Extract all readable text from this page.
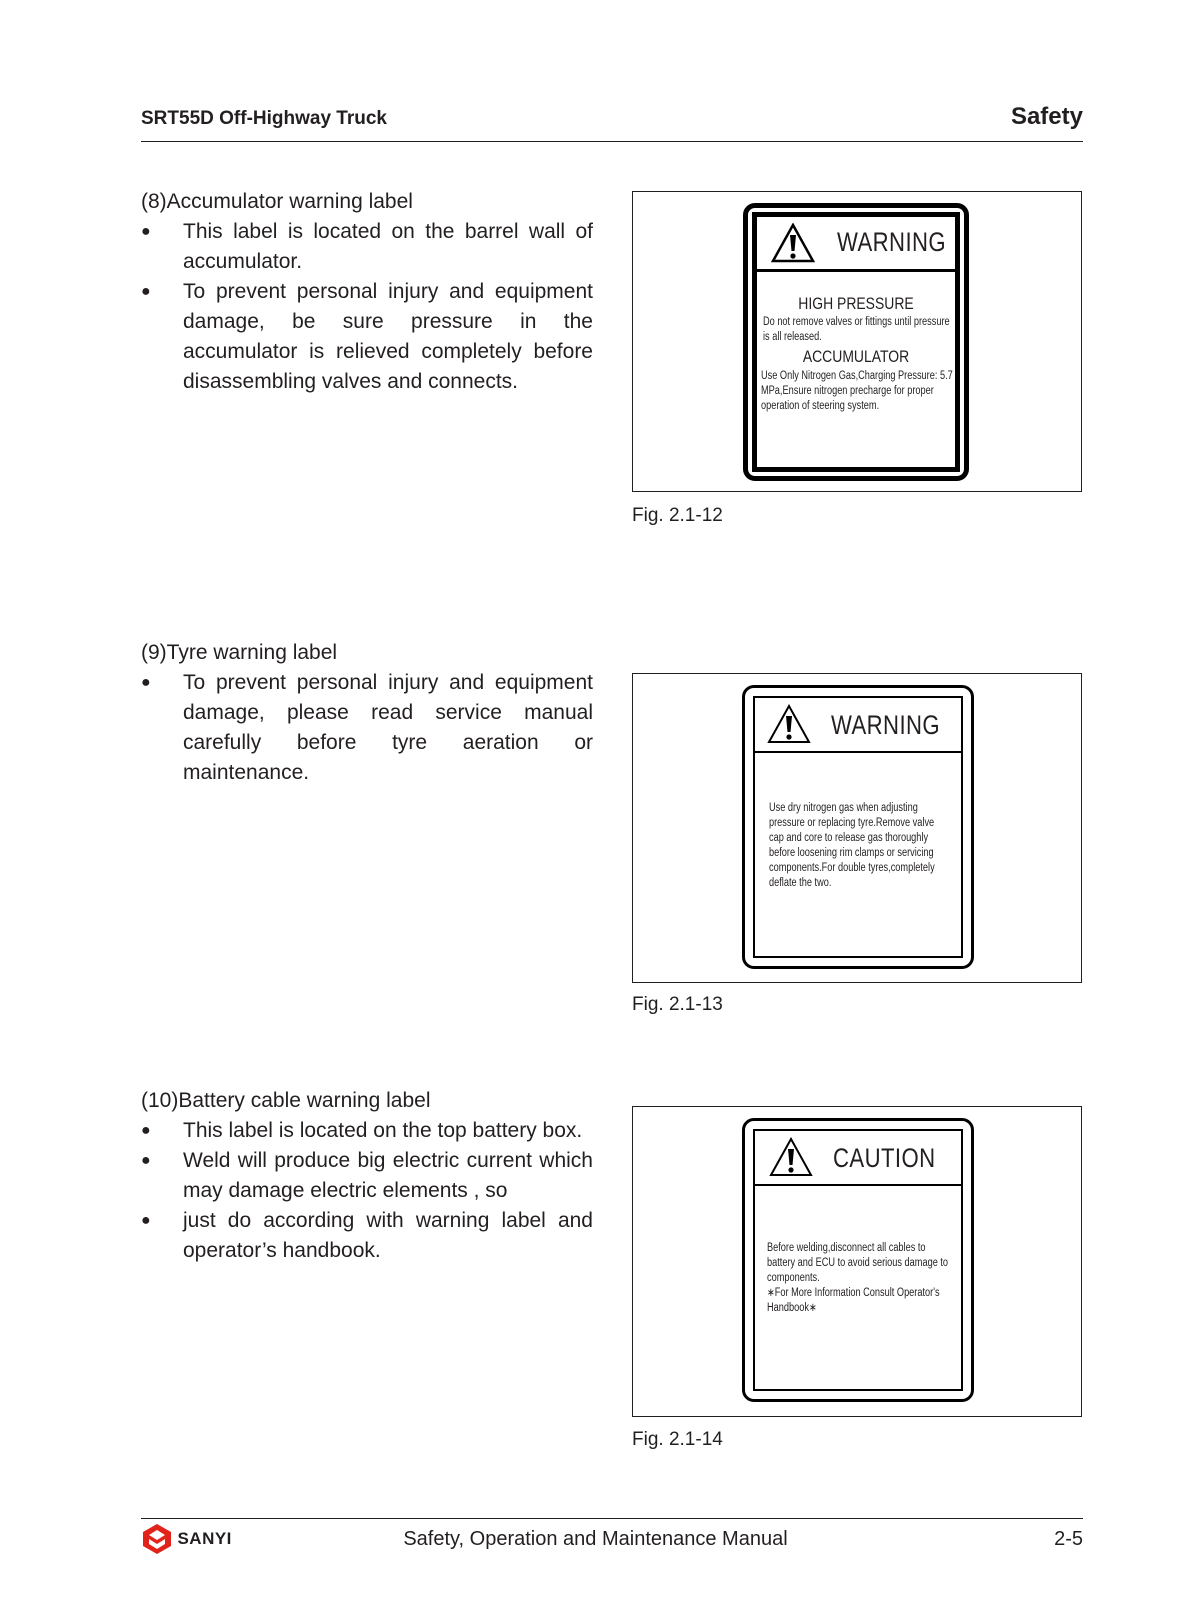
SRT55D Off-Highway Truck	Safety
(8)Accumulator warning label
● This label is located on the barrel wall of accumulator.
● To prevent personal injury and equipment damage, be sure pressure in the accumulator is relieved completely before disassembling valves and connects.
WARNING
HIGH PRESSURE
Do not remove valves or fittings until pressure is all released.
ACCUMULATOR
Use Only Nitrogen Gas,Charging Pressure: 5.7 MPa,Ensure nitrogen precharge for proper operation of steering system.
Fig. 2.1-12
(9)Tyre warning label
● To prevent personal injury and equipment damage, please read service manual carefully before tyre aeration or maintenance.
WARNING
Use dry nitrogen gas when adjusting pressure or replacing tyre.Remove valve cap and core to release gas thoroughly before loosening rim clamps or servicing components.For double tyres,completely deflate the two.
Fig. 2.1-13
(10)Battery cable warning label
● This label is located on the top battery box.
● Weld will produce big electric current which may damage electric elements , so
● just do according with warning label and operator’s handbook.
CAUTION
Before welding,disconnect all cables to battery and ECU to avoid serious damage to components.
∗For More Information Consult Operator's Handbook∗
Fig. 2.1-14
SANYI	Safety, Operation and Maintenance Manual	2-5
